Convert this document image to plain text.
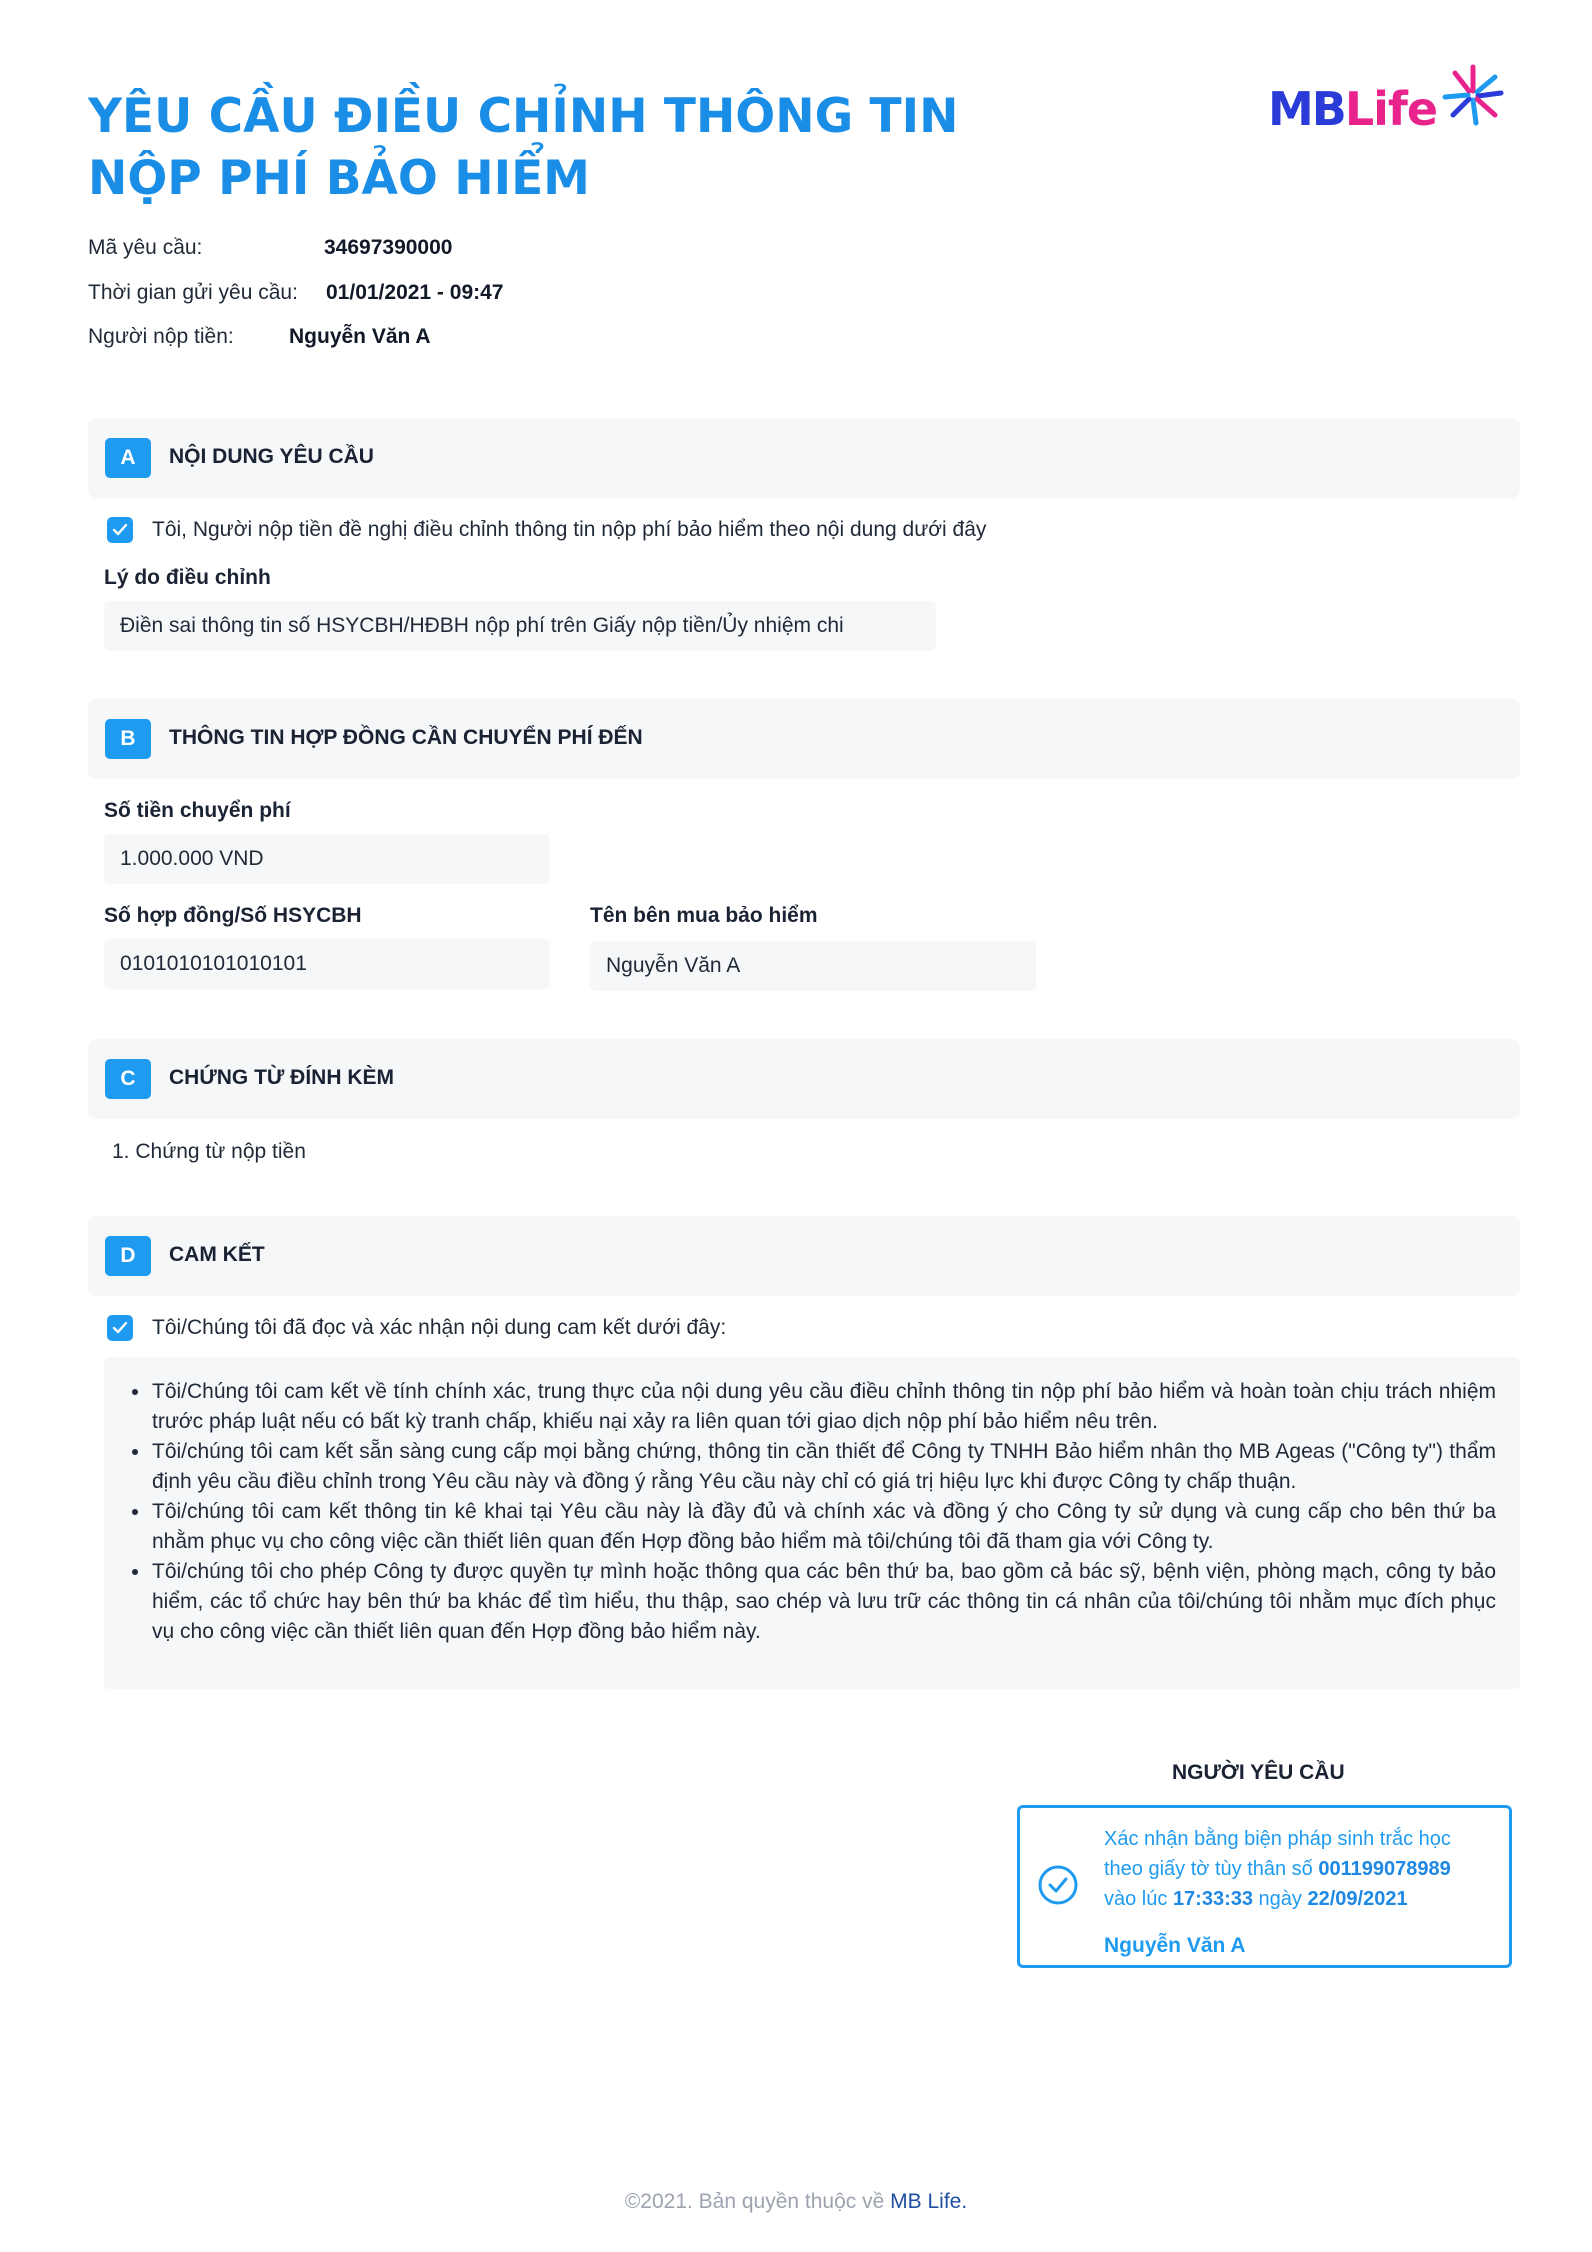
YÊU CẦU ĐIỀU CHỈNH THÔNG TIN
NỘP PHÍ BẢO HIỂM
MBLife
Mã yêu cầu:	34697390000
Thời gian gửi yêu cầu: 01/01/2021 - 09:47
Người nộp tiền:	Nguyễn Văn A
A	NỘI DUNG YÊU CẦU
Tôi, Người nộp tiền đề nghị điều chỉnh thông tin nộp phí bảo hiểm theo nội dung dưới đây
Lý do điều chỉnh
Điền sai thông tin số HSYCBH/HĐBH nộp phí trên Giấy nộp tiền/Ủy nhiệm chi
B	THÔNG TIN HỢP ĐỒNG CẦN CHUYỂN PHÍ ĐẾN
Số tiền chuyển phí
1.000.000 VND
Số hợp đồng/Số HSYCBH
0101010101010101
Tên bên mua bảo hiểm
Nguyễn Văn A
C	CHỨNG TỪ ĐÍNH KÈM
1. Chứng từ nộp tiền
D	CAM KẾT
Tôi/Chúng tôi đã đọc và xác nhận nội dung cam kết dưới đây:
Tôi/Chúng tôi cam kết về tính chính xác, trung thực của nội dung yêu cầu điều chỉnh thông tin nộp phí bảo hiểm và hoàn toàn chịu trách nhiệm trước pháp luật nếu có bất kỳ tranh chấp, khiếu nại xảy ra liên quan tới giao dịch nộp phí bảo hiểm nêu trên.
Tôi/chúng tôi cam kết sẵn sàng cung cấp mọi bằng chứng, thông tin cần thiết để Công ty TNHH Bảo hiểm nhân thọ MB Ageas ("Công ty") thẩm định yêu cầu điều chỉnh trong Yêu cầu này và đồng ý rằng Yêu cầu này chỉ có giá trị hiệu lực khi được Công ty chấp thuận.
Tôi/chúng tôi cam kết thông tin kê khai tại Yêu cầu này là đầy đủ và chính xác và đồng ý cho Công ty sử dụng và cung cấp cho bên thứ ba nhằm phục vụ cho công việc cần thiết liên quan đến Hợp đồng bảo hiểm mà tôi/chúng tôi đã tham gia với Công ty.
Tôi/chúng tôi cho phép Công ty được quyền tự mình hoặc thông qua các bên thứ ba, bao gồm cả bác sỹ, bệnh viện, phòng mạch, công ty bảo hiểm, các tổ chức hay bên thứ ba khác để tìm hiểu, thu thập, sao chép và lưu trữ các thông tin cá nhân của tôi/chúng tôi nhằm mục đích phục vụ cho công việc cần thiết liên quan đến Hợp đồng bảo hiểm này.
NGƯỜI YÊU CẦU
Xác nhận bằng biện pháp sinh trắc học
theo giấy tờ tùy thân số 001199078989
vào lúc 17:33:33 ngày 22/09/2021
Nguyễn Văn A
©2021. Bản quyền thuộc về MB Life.
